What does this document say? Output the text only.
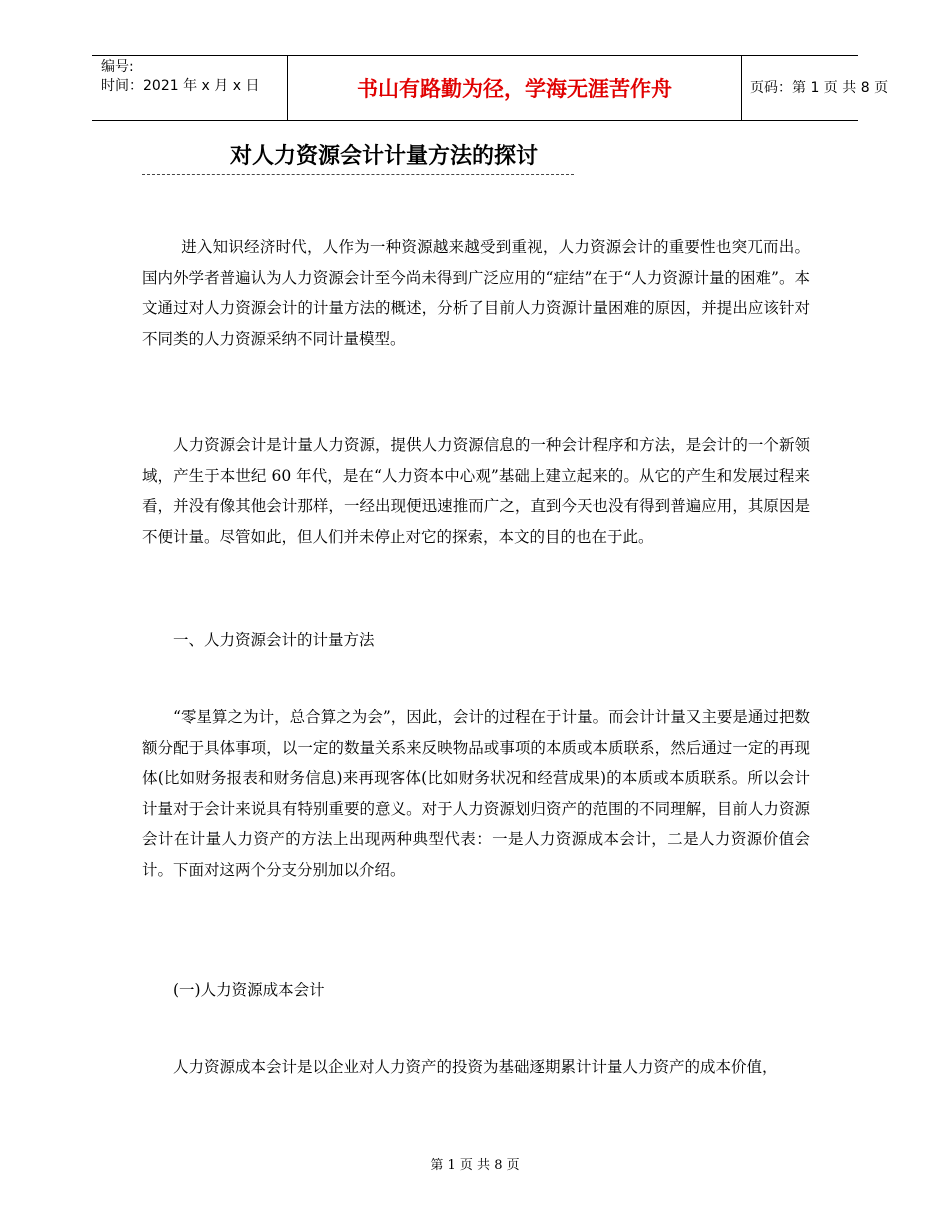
编号:
时间：2021 年 x 月 x 日	书山有路勤为径，学海无涯苦作舟	页码：第 1 页 共 8 页
对人力资源会计计量方法的探讨

进入知识经济时代，人作为一种资源越来越受到重视，人力资源会计的重要性也突兀而出。国内外学者普遍认为人力资源会计至今尚未得到广泛应用的“症结”在于“人力资源计量的困难”。本文通过对人力资源会计的计量方法的概述，分析了目前人力资源计量困难的原因，并提出应该针对不同类的人力资源采纳不同计量模型。

人力资源会计是计量人力资源，提供人力资源信息的一种会计程序和方法，是会计的一个新领域，产生于本世纪 60 年代，是在“人力资本中心观”基础上建立起来的。从它的产生和发展过程来看，并没有像其他会计那样，一经出现便迅速推而广之，直到今天也没有得到普遍应用，其原因是不便计量。尽管如此，但人们并未停止对它的探索，本文的目的也在于此。

一、人力资源会计的计量方法

“零星算之为计，总合算之为会”，因此，会计的过程在于计量。而会计计量又主要是通过把数额分配于具体事项，以一定的数量关系来反映物品或事项的本质或本质联系，然后通过一定的再现体(比如财务报表和财务信息)来再现客体(比如财务状况和经营成果)的本质或本质联系。所以会计计量对于会计来说具有特别重要的意义。对于人力资源划归资产的范围的不同理解，目前人力资源会计在计量人力资产的方法上出现两种典型代表：一是人力资源成本会计，二是人力资源价值会计。下面对这两个分支分别加以介绍。

(一)人力资源成本会计

人力资源成本会计是以企业对人力资产的投资为基础逐期累计计量人力资产的成本价值，

第 1 页 共 8 页
